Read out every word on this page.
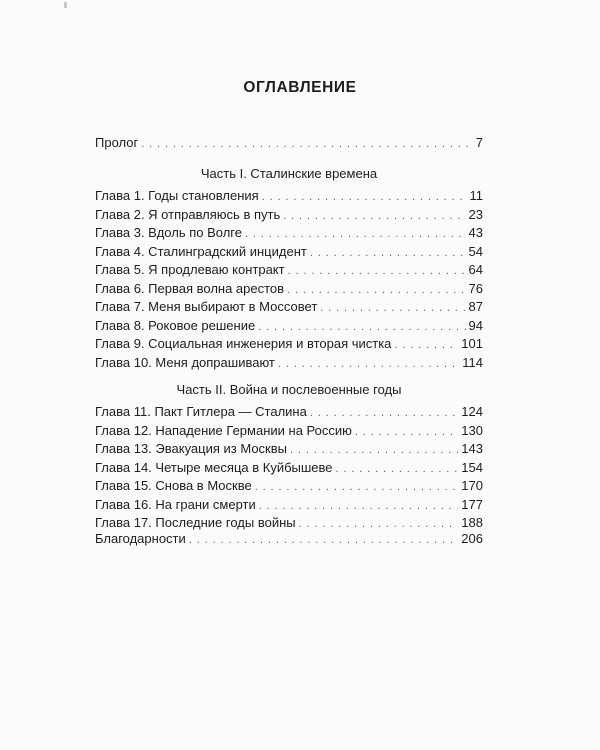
ОГЛАВЛЕНИЕ
Пролог . . .	7
Часть I. Сталинские времена
Глава 1. Годы становления . . .	11
Глава 2. Я отправляюсь в путь . . .	23
Глава 3. Вдоль по Волге . . .	43
Глава 4. Сталинградский инцидент . . .	54
Глава 5. Я продлеваю контракт . . .	64
Глава 6. Первая волна арестов . . .	76
Глава 7. Меня выбирают в Моссовет . . .	87
Глава 8. Роковое решение . . .	94
Глава 9. Социальная инженерия и вторая чистка . . .	101
Глава 10. Меня допрашивают . . .	114
Часть II. Война и послевоенные годы
Глава 11. Пакт Гитлера — Сталина . . .	124
Глава 12. Нападение Германии на Россию . . .	130
Глава 13. Эвакуация из Москвы . . .	143
Глава 14. Четыре месяца в Куйбышеве . . .	154
Глава 15. Снова в Москве . . .	170
Глава 16. На грани смерти . . .	177
Глава 17. Последние годы войны . . .	188
Благодарности . . .	206
